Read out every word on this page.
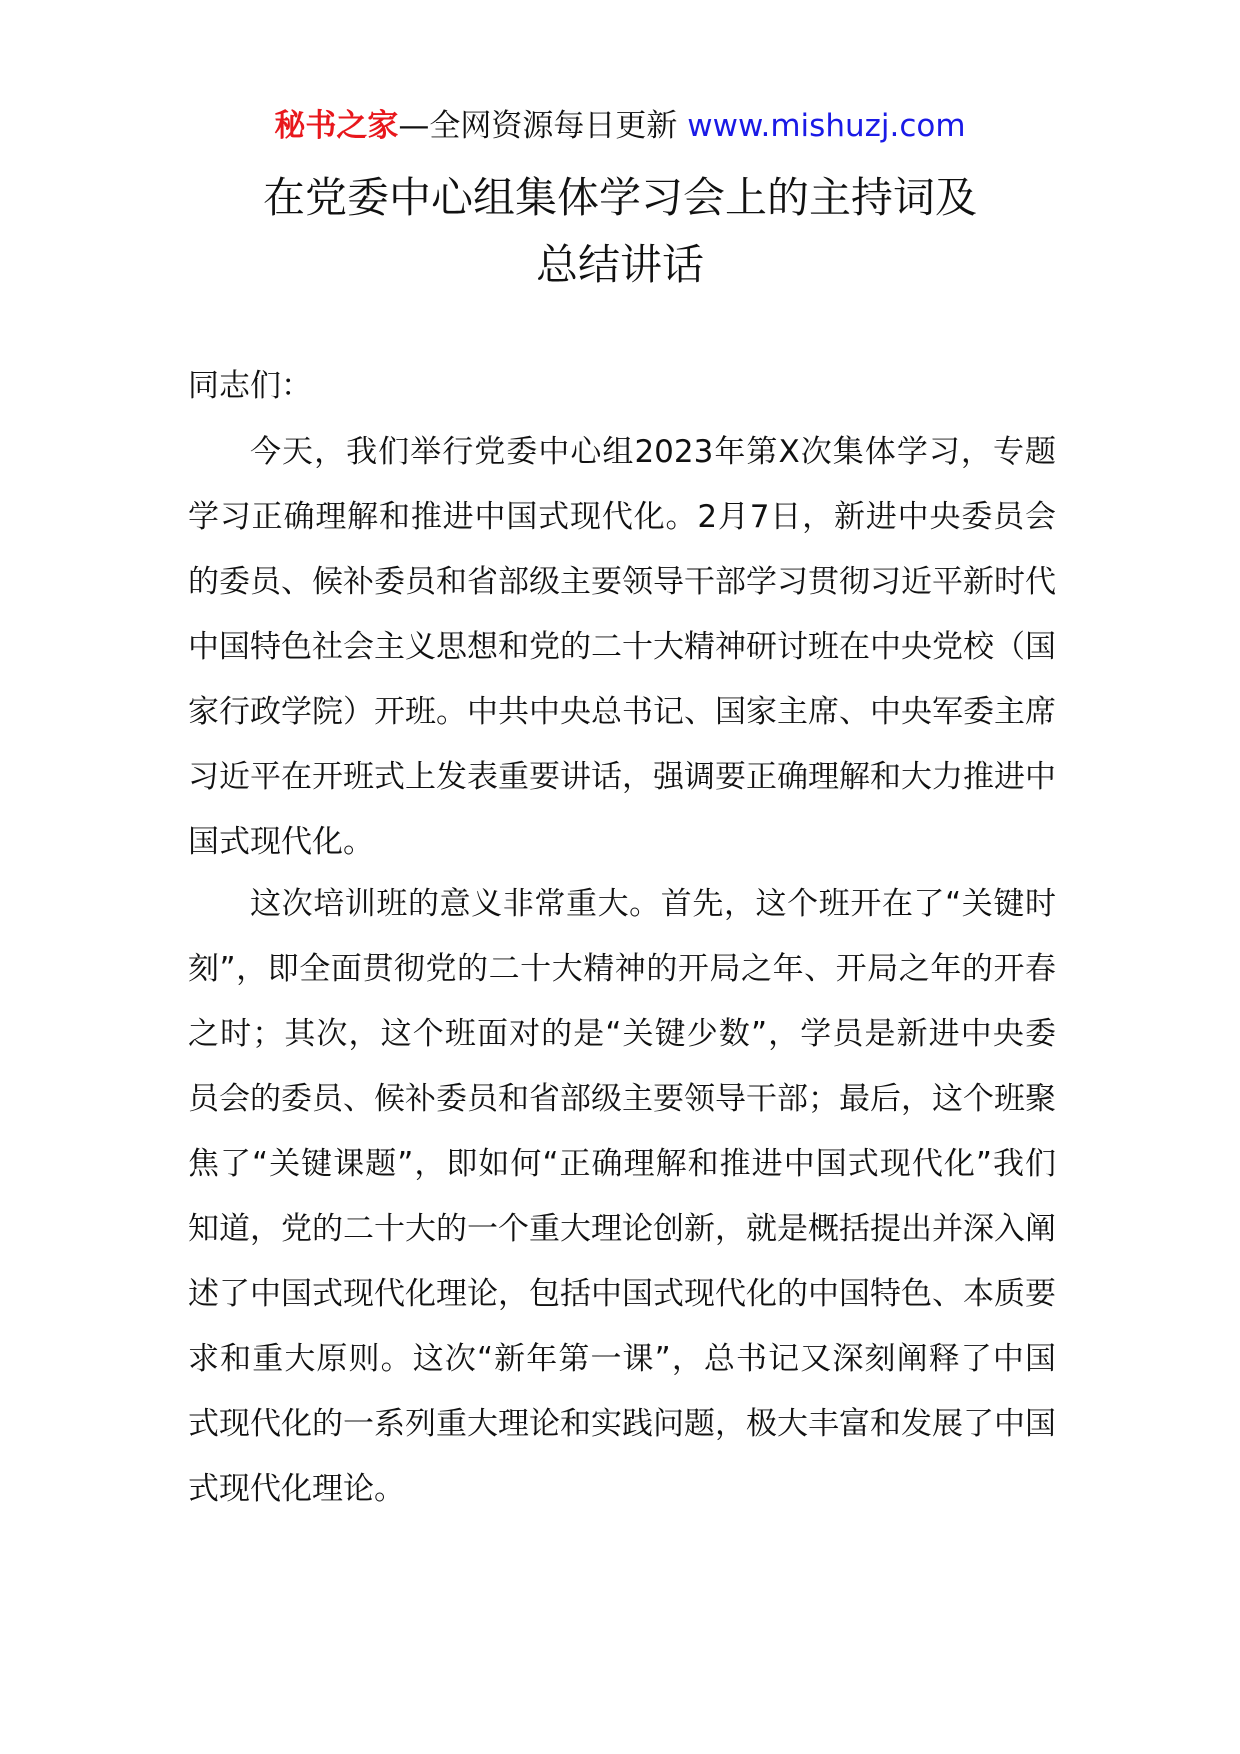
秘书之家—全网资源每日更新 www.mishuzj.com
在党委中心组集体学习会上的主持词及
总结讲话

同志们：

今天，我们举行党委中心组2023年第X次集体学习，专题学习正确理解和推进中国式现代化。2月7日，新进中央委员会的委员、候补委员和省部级主要领导干部学习贯彻习近平新时代中国特色社会主义思想和党的二十大精神研讨班在中央党校（国家行政学院）开班。中共中央总书记、国家主席、中央军委主席习近平在开班式上发表重要讲话，强调要正确理解和大力推进中国式现代化。

这次培训班的意义非常重大。首先，这个班开在了“关键时刻”，即全面贯彻党的二十大精神的开局之年、开局之年的开春之时；其次，这个班面对的是“关键少数”，学员是新进中央委员会的委员、候补委员和省部级主要领导干部；最后，这个班聚焦了“关键课题”，即如何“正确理解和推进中国式现代化”我们知道，党的二十大的一个重大理论创新，就是概括提出并深入阐述了中国式现代化理论，包括中国式现代化的中国特色、本质要求和重大原则。这次“新年第一课”，总书记又深刻阐释了中国式现代化的一系列重大理论和实践问题，极大丰富和发展了中国式现代化理论。
